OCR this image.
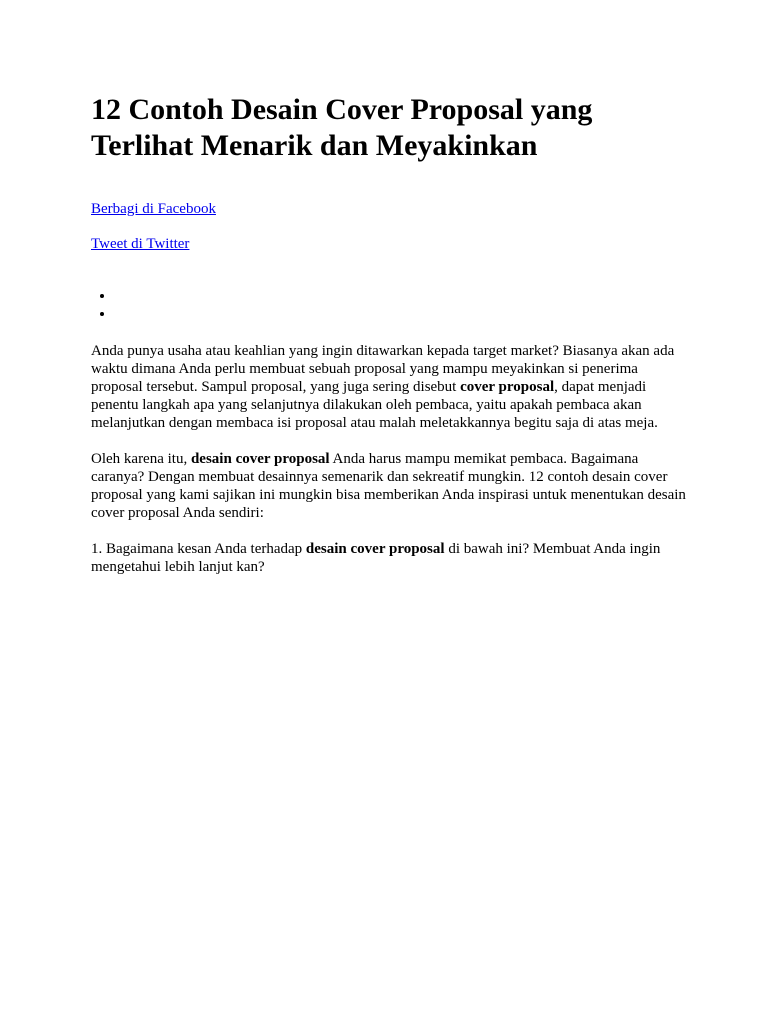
12 Contoh Desain Cover Proposal yang Terlihat Menarik dan Meyakinkan

Berbagi di Facebook

Tweet di Twitter

•
•

Anda punya usaha atau keahlian yang ingin ditawarkan kepada target market? Biasanya akan ada waktu dimana Anda perlu membuat sebuah proposal yang mampu meyakinkan si penerima proposal tersebut. Sampul proposal, yang juga sering disebut cover proposal, dapat menjadi penentu langkah apa yang selanjutnya dilakukan oleh pembaca, yaitu apakah pembaca akan melanjutkan dengan membaca isi proposal atau malah meletakkannya begitu saja di atas meja.

Oleh karena itu, desain cover proposal Anda harus mampu memikat pembaca. Bagaimana caranya? Dengan membuat desainnya semenarik dan sekreatif mungkin. 12 contoh desain cover proposal yang kami sajikan ini mungkin bisa memberikan Anda inspirasi untuk menentukan desain cover proposal Anda sendiri:

1. Bagaimana kesan Anda terhadap desain cover proposal di bawah ini? Membuat Anda ingin mengetahui lebih lanjut kan?
